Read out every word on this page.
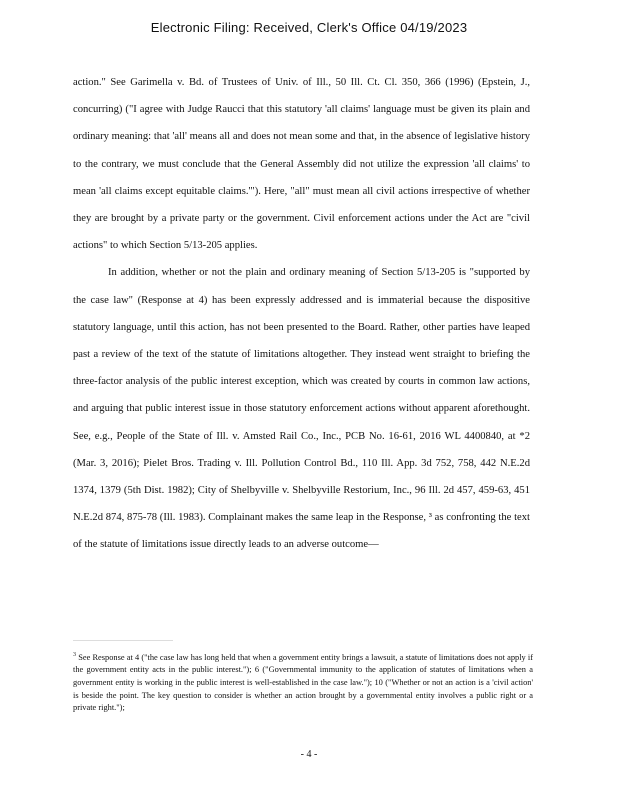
Electronic Filing: Received, Clerk's Office 04/19/2023

action." See Garimella v. Bd. of Trustees of Univ. of Ill., 50 Ill. Ct. Cl. 350, 366 (1996) (Epstein, J., concurring) ("I agree with Judge Raucci that this statutory 'all claims' language must be given its plain and ordinary meaning: that 'all' means all and does not mean some and that, in the absence of legislative history to the contrary, we must conclude that the General Assembly did not utilize the expression 'all claims' to mean 'all claims except equitable claims.'"). Here, "all" must mean all civil actions irrespective of whether they are brought by a private party or the government. Civil enforcement actions under the Act are "civil actions" to which Section 5/13-205 applies.

In addition, whether or not the plain and ordinary meaning of Section 5/13-205 is "supported by the case law" (Response at 4) has been expressly addressed and is immaterial because the dispositive statutory language, until this action, has not been presented to the Board. Rather, other parties have leaped past a review of the text of the statute of limitations altogether. They instead went straight to briefing the three-factor analysis of the public interest exception, which was created by courts in common law actions, and arguing that public interest issue in those statutory enforcement actions without apparent aforethought. See, e.g., People of the State of Ill. v. Amsted Rail Co., Inc., PCB No. 16-61, 2016 WL 4400840, at *2 (Mar. 3, 2016); Pielet Bros. Trading v. Ill. Pollution Control Bd., 110 Ill. App. 3d 752, 758, 442 N.E.2d 1374, 1379 (5th Dist. 1982); City of Shelbyville v. Shelbyville Restorium, Inc., 96 Ill. 2d 457, 459-63, 451 N.E.2d 874, 875-78 (Ill. 1983). Complainant makes the same leap in the Response, ³ as confronting the text of the statute of limitations issue directly leads to an adverse outcome—

$^3$ See Response at 4 ("the case law has long held that when a government entity brings a lawsuit, a statute of limitations does not apply if the government entity acts in the public interest."); 6 ("Governmental immunity to the application of statutes of limitations when a government entity is working in the public interest is well-established in the case law."); 10 ("Whether or not an action is a 'civil action' is beside the point. The key question to consider is whether an action brought by a governmental entity involves a public right or a private right.");
- 4 -
